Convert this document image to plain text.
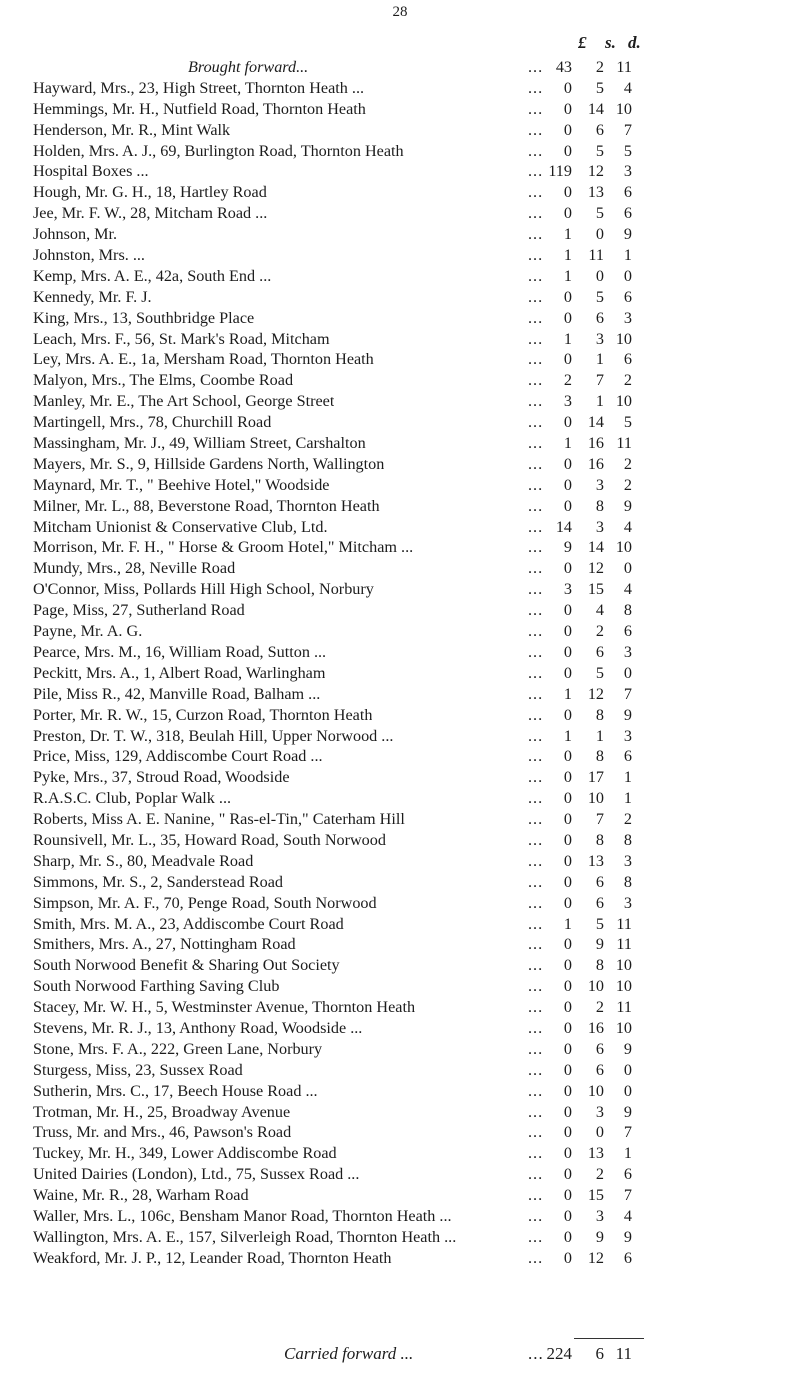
28
£ s. d.
Brought forward...	... 43 2 11
Hayward, Mrs., 23, High Street, Thornton Heath ...	... 0 5 4
Hemmings, Mr. H., Nutfield Road, Thornton Heath	... 0 14 10
Henderson, Mr. R., Mint Walk	... 0 6 7
Holden, Mrs. A. J., 69, Burlington Road, Thornton Heath	... 0 5 5
Hospital Boxes ...	... 119 12 3
Hough, Mr. G. H., 18, Hartley Road	... 0 13 6
Jee, Mr. F. W., 28, Mitcham Road ...	... 0 5 6
Johnson, Mr.	... 1 0 9
Johnston, Mrs. ...	... 1 11 1
Kemp, Mrs. A. E., 42a, South End ...	... 1 0 0
Kennedy, Mr. F. J.	... 0 5 6
King, Mrs., 13, Southbridge Place	... 0 6 3
Leach, Mrs. F., 56, St. Mark's Road, Mitcham	... 1 3 10
Ley, Mrs. A. E., 1a, Mersham Road, Thornton Heath	... 0 1 6
Malyon, Mrs., The Elms, Coombe Road	... 2 7 2
Manley, Mr. E., The Art School, George Street	... 3 1 10
Martingell, Mrs., 78, Churchill Road	... 0 14 5
Massingham, Mr. J., 49, William Street, Carshalton	... 1 16 11
Mayers, Mr. S., 9, Hillside Gardens North, Wallington	... 0 16 2
Maynard, Mr. T., " Beehive Hotel," Woodside	... 0 3 2
Milner, Mr. L., 88, Beverstone Road, Thornton Heath	... 0 8 9
Mitcham Unionist & Conservative Club, Ltd.	... 14 3 4
Morrison, Mr. F. H., " Horse & Groom Hotel," Mitcham ...	... 9 14 10
Mundy, Mrs., 28, Neville Road	... 0 12 0
O'Connor, Miss, Pollards Hill High School, Norbury	... 3 15 4
Page, Miss, 27, Sutherland Road	... 0 4 8
Payne, Mr. A. G.	... 0 2 6
Pearce, Mrs. M., 16, William Road, Sutton ...	... 0 6 3
Peckitt, Mrs. A., 1, Albert Road, Warlingham	... 0 5 0
Pile, Miss R., 42, Manville Road, Balham ...	... 1 12 7
Porter, Mr. R. W., 15, Curzon Road, Thornton Heath	... 0 8 9
Preston, Dr. T. W., 318, Beulah Hill, Upper Norwood ...	... 1 1 3
Price, Miss, 129, Addiscombe Court Road ...	... 0 8 6
Pyke, Mrs., 37, Stroud Road, Woodside	... 0 17 1
R.A.S.C. Club, Poplar Walk ...	... 0 10 1
Roberts, Miss A. E. Nanine, " Ras-el-Tin," Caterham Hill	... 0 7 2
Rounsivell, Mr. L., 35, Howard Road, South Norwood	... 0 8 8
Sharp, Mr. S., 80, Meadvale Road	... 0 13 3
Simmons, Mr. S., 2, Sanderstead Road	... 0 6 8
Simpson, Mr. A. F., 70, Penge Road, South Norwood	... 0 6 3
Smith, Mrs. M. A., 23, Addiscombe Court Road	... 1 5 11
Smithers, Mrs. A., 27, Nottingham Road	... 0 9 11
South Norwood Benefit & Sharing Out Society	... 0 8 10
South Norwood Farthing Saving Club	... 0 10 10
Stacey, Mr. W. H., 5, Westminster Avenue, Thornton Heath	... 0 2 11
Stevens, Mr. R. J., 13, Anthony Road, Woodside ...	... 0 16 10
Stone, Mrs. F. A., 222, Green Lane, Norbury	... 0 6 9
Sturgess, Miss, 23, Sussex Road	... 0 6 0
Sutherin, Mrs. C., 17, Beech House Road ...	... 0 10 0
Trotman, Mr. H., 25, Broadway Avenue	... 0 3 9
Truss, Mr. and Mrs., 46, Pawson's Road	... 0 0 7
Tuckey, Mr. H., 349, Lower Addiscombe Road	... 0 13 1
United Dairies (London), Ltd., 75, Sussex Road ...	... 0 2 6
Waine, Mr. R., 28, Warham Road	... 0 15 7
Waller, Mrs. L., 106c, Bensham Manor Road, Thornton Heath ...	... 0 3 4
Wallington, Mrs. A. E., 157, Silverleigh Road, Thornton Heath ...	... 0 9 9
Weakford, Mr. J. P., 12, Leander Road, Thornton Heath	... 0 12 6
Carried forward ...	... 224 6 11
